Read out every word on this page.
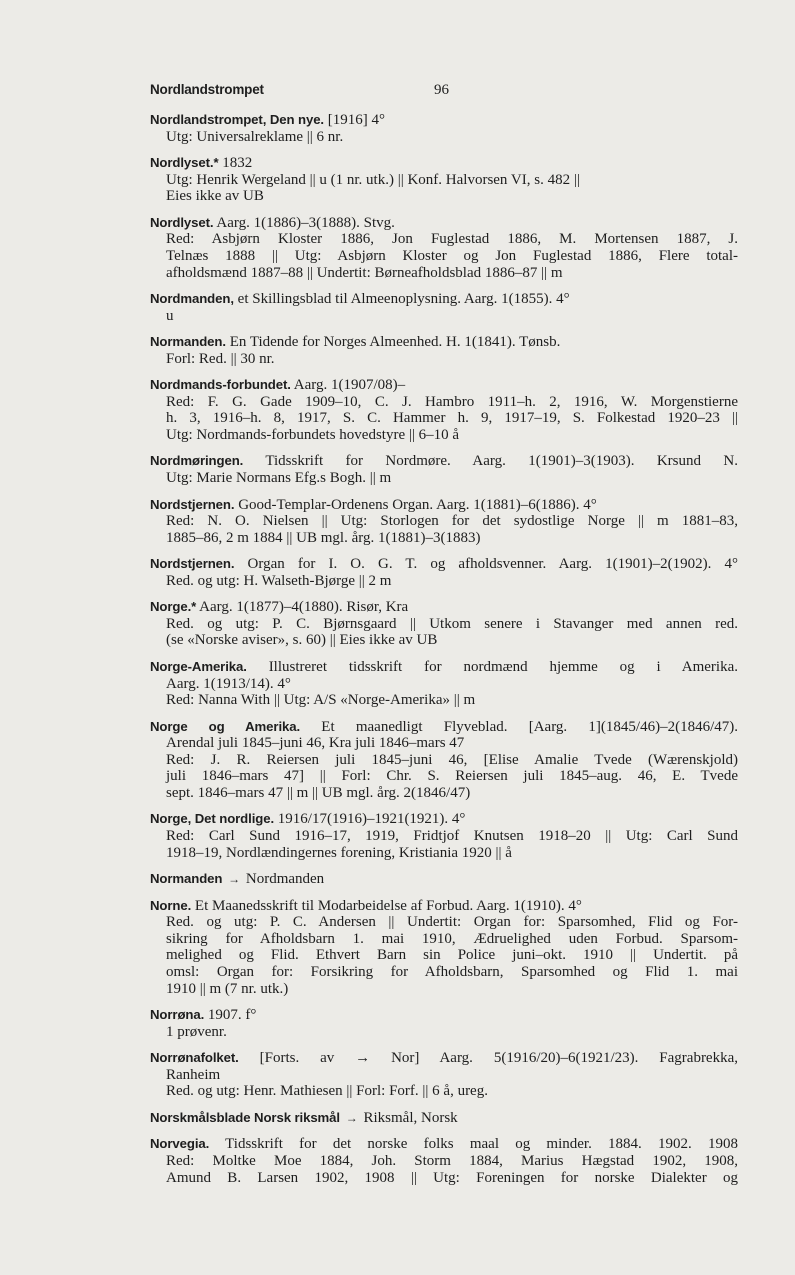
Nordlandstrompet	96
Nordlandstrompet, Den nye. [1916] 4°
Utg: Universalreklame || 6 nr.
Nordlyset.* 1832
Utg: Henrik Wergeland || u (1 nr. utk.) || Konf. Halvorsen VI, s. 482 ||
Eies ikke av UB
Nordlyset. Aarg. 1(1886)–3(1888). Stvg.
Red: Asbjørn Kloster 1886, Jon Fuglestad 1886, M. Mortensen 1887, J.
Telnæs 1888 || Utg: Asbjørn Kloster og Jon Fuglestad 1886, Flere total-
afholdsmænd 1887–88 || Undertit: Børneafholdsblad 1886–87 || m
Nordmanden, et Skillingsblad til Almeenoplysning. Aarg. 1(1855). 4°
u
Normanden. En Tidende for Norges Almeenhed. H. 1(1841). Tønsb.
Forl: Red. || 30 nr.
Nordmands-forbundet. Aarg. 1(1907/08)–
Red: F. G. Gade 1909–10, C. J. Hambro 1911–h. 2, 1916, W. Morgenstierne
h. 3, 1916–h. 8, 1917, S. C. Hammer h. 9, 1917–19, S. Folkestad 1920–23 ||
Utg: Nordmands-forbundets hovedstyre || 6–10 å
Nordmøringen. Tidsskrift for Nordmøre. Aarg. 1(1901)–3(1903). Krsund N.
Utg: Marie Normans Efg.s Bogh. || m
Nordstjernen. Good-Templar-Ordenens Organ. Aarg. 1(1881)–6(1886). 4°
Red: N. O. Nielsen || Utg: Storlogen for det sydostlige Norge || m 1881–83,
1885–86, 2 m 1884 || UB mgl. årg. 1(1881)–3(1883)
Nordstjernen. Organ for I. O. G. T. og afholdsvenner. Aarg. 1(1901)–2(1902). 4°
Red. og utg: H. Walseth-Bjørge || 2 m
Norge.* Aarg. 1(1877)–4(1880). Risør, Kra
Red. og utg: P. C. Bjørnsgaard || Utkom senere i Stavanger med annen red.
(se «Norske aviser», s. 60) || Eies ikke av UB
Norge-Amerika. Illustreret tidsskrift for nordmænd hjemme og i Amerika.
Aarg. 1(1913/14). 4°
Red: Nanna With || Utg: A/S «Norge-Amerika» || m
Norge og Amerika. Et maanedligt Flyveblad. [Aarg. 1](1845/46)–2(1846/47).
Arendal juli 1845–juni 46, Kra juli 1846–mars 47
Red: J. R. Reiersen juli 1845–juni 46, [Elise Amalie Tvede (Wærenskjold)
juli 1846–mars 47] || Forl: Chr. S. Reiersen juli 1845–aug. 46, E. Tvede
sept. 1846–mars 47 || m || UB mgl. årg. 2(1846/47)
Norge, Det nordlige. 1916/17(1916)–1921(1921). 4°
Red: Carl Sund 1916–17, 1919, Fridtjof Knutsen 1918–20 || Utg: Carl Sund
1918–19, Nordlændingernes forening, Kristiania 1920 || å
Normanden → Nordmanden
Norne. Et Maanedsskrift til Modarbeidelse af Forbud. Aarg. 1(1910). 4°
Red. og utg: P. C. Andersen || Undertit: Organ for: Sparsomhed, Flid og For-
sikring for Afholdsbarn 1. mai 1910, Ædruelighed uden Forbud. Sparsom-
melighed og Flid. Ethvert Barn sin Police juni–okt. 1910 || Undertit. på
omsl: Organ for: Forsikring for Afholdsbarn, Sparsomhed og Flid 1. mai
1910 || m (7 nr. utk.)
Norrøna. 1907. f°
1 prøvenr.
Norrønafolket. [Forts. av → Nor] Aarg. 5(1916/20)–6(1921/23). Fagrabrekka,
Ranheim
Red. og utg: Henr. Mathiesen || Forl: Forf. || 6 å, ureg.
Norskmålsblade Norsk riksmål → Riksmål, Norsk
Norvegia. Tidsskrift for det norske folks maal og minder. 1884. 1902. 1908
Red: Moltke Moe 1884, Joh. Storm 1884, Marius Hægstad 1902, 1908,
Amund B. Larsen 1902, 1908 || Utg: Foreningen for norske Dialekter og
